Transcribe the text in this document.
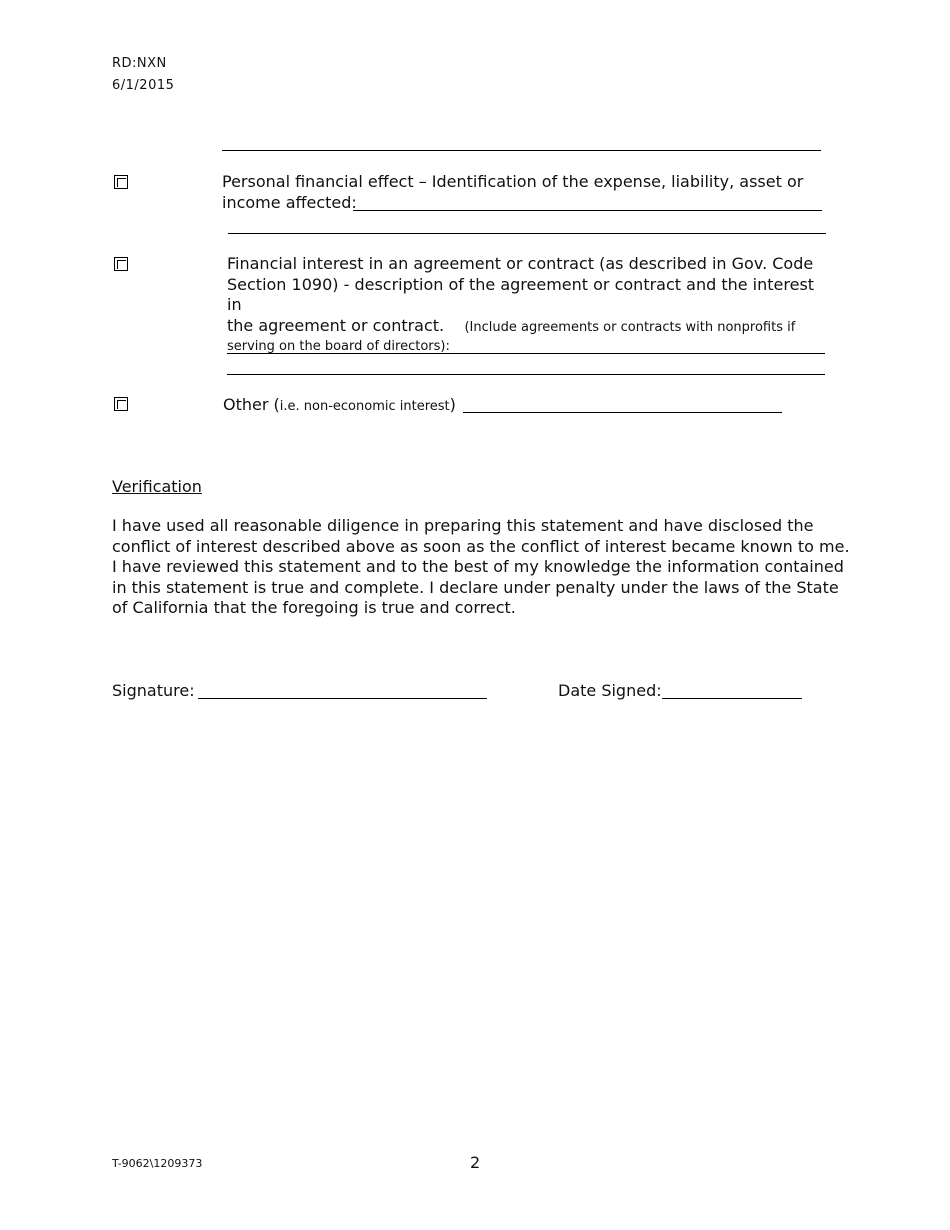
RD:NXN
6/1/2015
Personal financial effect – Identification of the expense, liability, asset or
income affected:
Financial interest in an agreement or contract (as described in Gov. Code
Section 1090) - description of the agreement or contract and the interest in
the agreement or contract. (Include agreements or contracts with nonprofits if
serving on the board of directors):
Other (i.e. non-economic interest)
Verification
I have used all reasonable diligence in preparing this statement and have disclosed the
conflict of interest described above as soon as the conflict of interest became known to me.
I have reviewed this statement and to the best of my knowledge the information contained
in this statement is true and complete. I declare under penalty under the laws of the State
of California that the foregoing is true and correct.
Signature:	Date Signed:
T-9062\1209373	2
